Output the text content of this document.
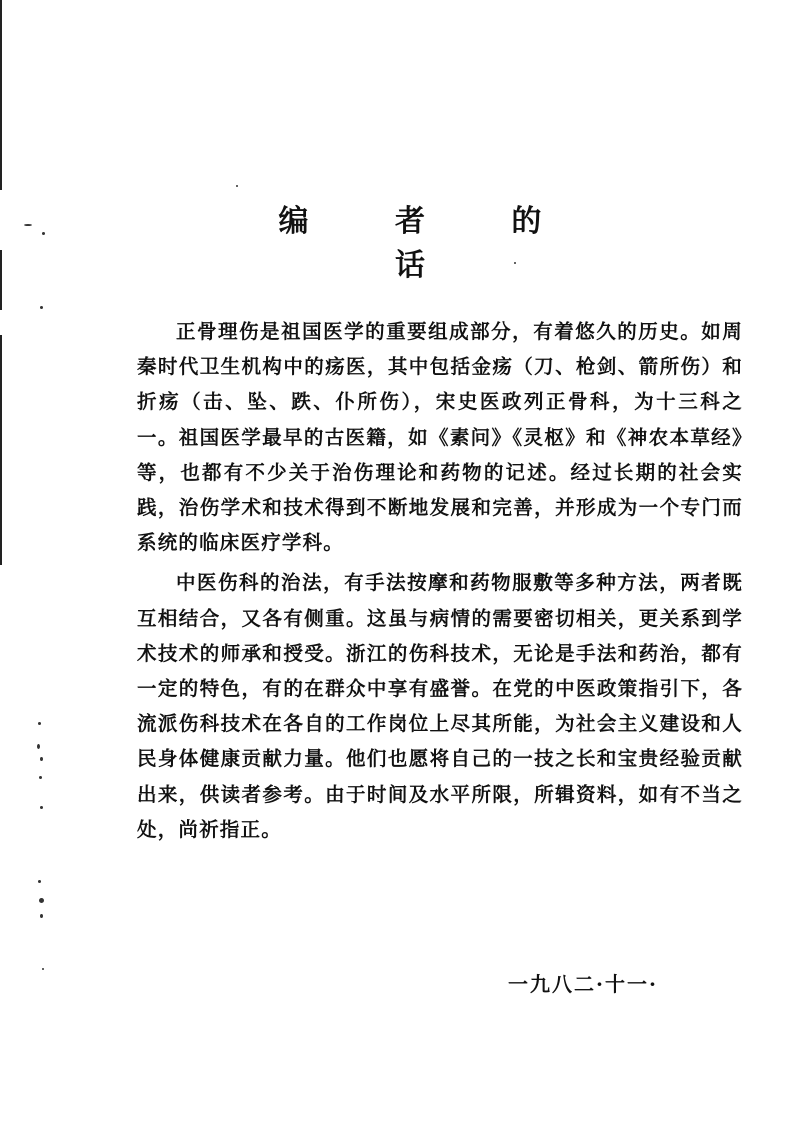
编 者 的 话

正骨理伤是祖国医学的重要组成部分，有着悠久的历史。如周秦时代卫生机构中的疡医，其中包括金疡（刀、枪剑、箭所伤）和折疡（击、坠、跌、仆所伤），宋史医政列正骨科，为十三科之一。祖国医学最早的古医籍，如《素问》《灵枢》和《神农本草经》等，也都有不少关于治伤理论和药物的记述。经过长期的社会实践，治伤学术和技术得到不断地发展和完善，并形成为一个专门而系统的临床医疗学科。

中医伤科的治法，有手法按摩和药物服敷等多种方法，两者既互相结合，又各有侧重。这虽与病情的需要密切相关，更关系到学术技术的师承和授受。浙江的伤科技术，无论是手法和药治，都有一定的特色，有的在群众中享有盛誉。在党的中医政策指引下，各流派伤科技术在各自的工作岗位上尽其所能，为社会主义建设和人民身体健康贡献力量。他们也愿将自己的一技之长和宝贵经验贡献出来，供读者参考。由于时间及水平所限，所辑资料，如有不当之处，尚祈指正。

一九八二·十一·
